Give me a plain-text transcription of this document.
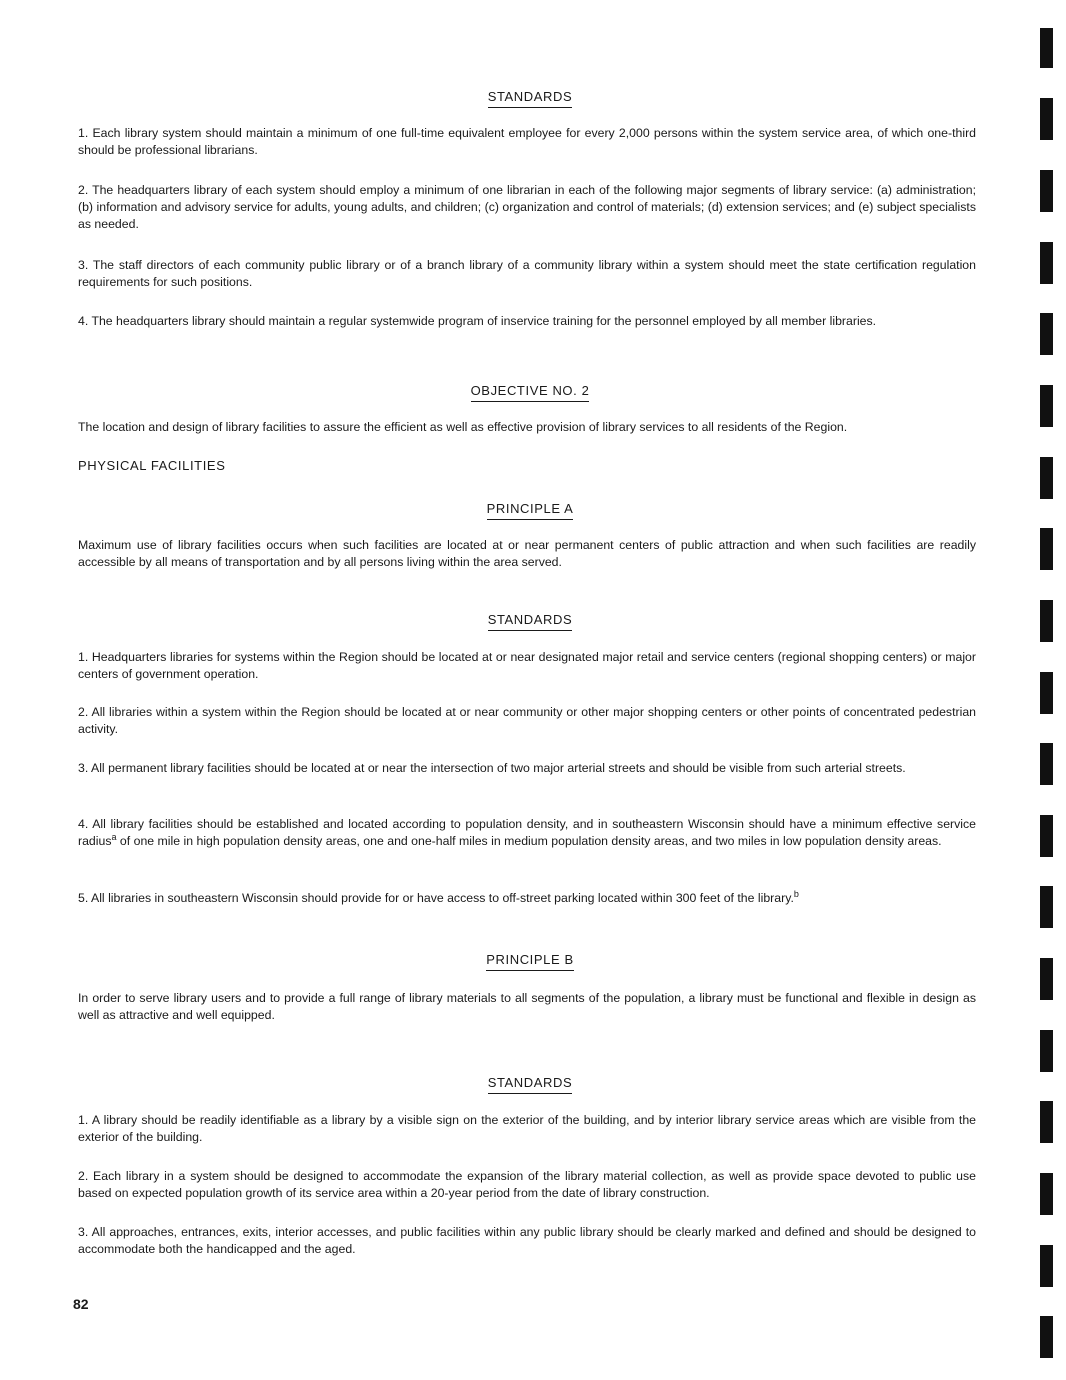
STANDARDS
1. Each library system should maintain a minimum of one full-time equivalent employee for every 2,000 persons within the system service area, of which one-third should be professional librarians.
2. The headquarters library of each system should employ a minimum of one librarian in each of the following major segments of library service: (a) administration; (b) information and advisory service for adults, young adults, and children; (c) organization and control of materials; (d) extension services; and (e) subject specialists as needed.
3. The staff directors of each community public library or of a branch library of a community library within a system should meet the state certification regulation requirements for such positions.
4. The headquarters library should maintain a regular systemwide program of inservice training for the personnel employed by all member libraries.
OBJECTIVE NO. 2
The location and design of library facilities to assure the efficient as well as effective provision of library services to all residents of the Region.
PHYSICAL FACILITIES
PRINCIPLE A
Maximum use of library facilities occurs when such facilities are located at or near permanent centers of public attraction and when such facilities are readily accessible by all means of transportation and by all persons living within the area served.
STANDARDS
1. Headquarters libraries for systems within the Region should be located at or near designated major retail and service centers (regional shopping centers) or major centers of government operation.
2. All libraries within a system within the Region should be located at or near community or other major shopping centers or other points of concentrated pedestrian activity.
3. All permanent library facilities should be located at or near the intersection of two major arterial streets and should be visible from such arterial streets.
4. All library facilities should be established and located according to population density, and in southeastern Wisconsin should have a minimum effective service radius$^a$ of one mile in high population density areas, one and one-half miles in medium population density areas, and two miles in low population density areas.
5. All libraries in southeastern Wisconsin should provide for or have access to off-street parking located within 300 feet of the library.$^b$
PRINCIPLE B
In order to serve library users and to provide a full range of library materials to all segments of the population, a library must be functional and flexible in design as well as attractive and well equipped.
STANDARDS
1. A library should be readily identifiable as a library by a visible sign on the exterior of the building, and by interior library service areas which are visible from the exterior of the building.
2. Each library in a system should be designed to accommodate the expansion of the library material collection, as well as provide space devoted to public use based on expected population growth of its service area within a 20-year period from the date of library construction.
3. All approaches, entrances, exits, interior accesses, and public facilities within any public library should be clearly marked and defined and should be designed to accommodate both the handicapped and the aged.
82
